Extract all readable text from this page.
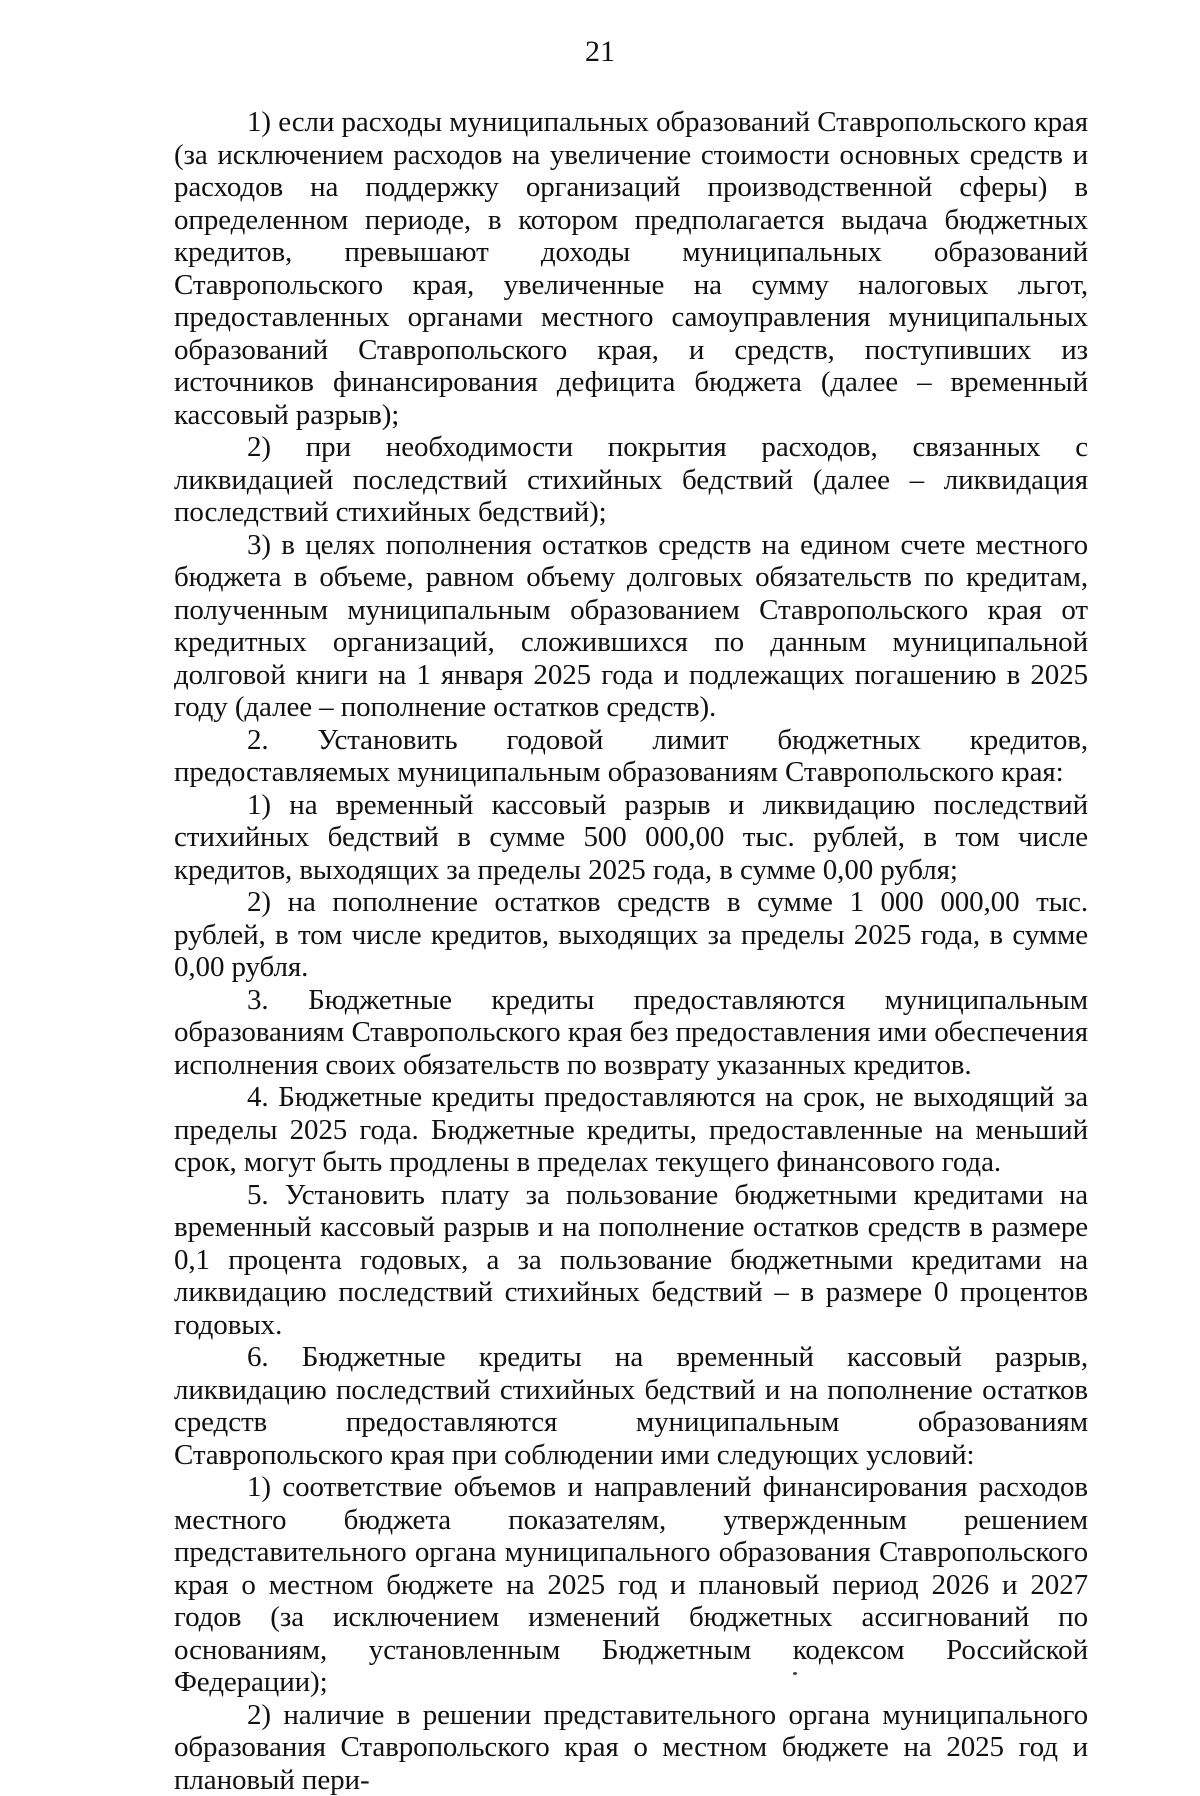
21

1) если расходы муниципальных образований Ставропольского края (за исключением расходов на увеличение стоимости основных средств и расходов на поддержку организаций производственной сферы) в определенном периоде, в котором предполагается выдача бюджетных кредитов, превышают доходы муниципальных образований Ставропольского края, увеличенные на сумму налоговых льгот, предоставленных органами местного самоуправления муниципальных образований Ставропольского края, и средств, поступивших из источников финансирования дефицита бюджета (далее – временный кассовый разрыв);

2) при необходимости покрытия расходов, связанных с ликвидацией последствий стихийных бедствий (далее – ликвидация последствий стихийных бедствий);

3) в целях пополнения остатков средств на едином счете местного бюджета в объеме, равном объему долговых обязательств по кредитам, полученным муниципальным образованием Ставропольского края от кредитных организаций, сложившихся по данным муниципальной долговой книги на 1 января 2025 года и подлежащих погашению в 2025 году (далее – пополнение остатков средств).

2. Установить годовой лимит бюджетных кредитов, предоставляемых муниципальным образованиям Ставропольского края:

1) на временный кассовый разрыв и ликвидацию последствий стихийных бедствий в сумме 500 000,00 тыс. рублей, в том числе кредитов, выходящих за пределы 2025 года, в сумме 0,00 рубля;

2) на пополнение остатков средств в сумме 1 000 000,00 тыс. рублей, в том числе кредитов, выходящих за пределы 2025 года, в сумме 0,00 рубля.

3. Бюджетные кредиты предоставляются муниципальным образованиям Ставропольского края без предоставления ими обеспечения исполнения своих обязательств по возврату указанных кредитов.

4. Бюджетные кредиты предоставляются на срок, не выходящий за пределы 2025 года. Бюджетные кредиты, предоставленные на меньший срок, могут быть продлены в пределах текущего финансового года.

5. Установить плату за пользование бюджетными кредитами на временный кассовый разрыв и на пополнение остатков средств в размере 0,1 процента годовых, а за пользование бюджетными кредитами на ликвидацию последствий стихийных бедствий – в размере 0 процентов годовых.

6. Бюджетные кредиты на временный кассовый разрыв, ликвидацию последствий стихийных бедствий и на пополнение остатков средств предоставляются муниципальным образованиям Ставропольского края при соблюдении ими следующих условий:

1) соответствие объемов и направлений финансирования расходов местного бюджета показателям, утвержденным решением представительного органа муниципального образования Ставропольского края о местном бюджете на 2025 год и плановый период 2026 и 2027 годов (за исключением изменений бюджетных ассигнований по основаниям, установленным Бюджетным кодексом Российской Федерации);

2) наличие в решении представительного органа муниципального образования Ставропольского края о местном бюджете на 2025 год и плановый пери-
